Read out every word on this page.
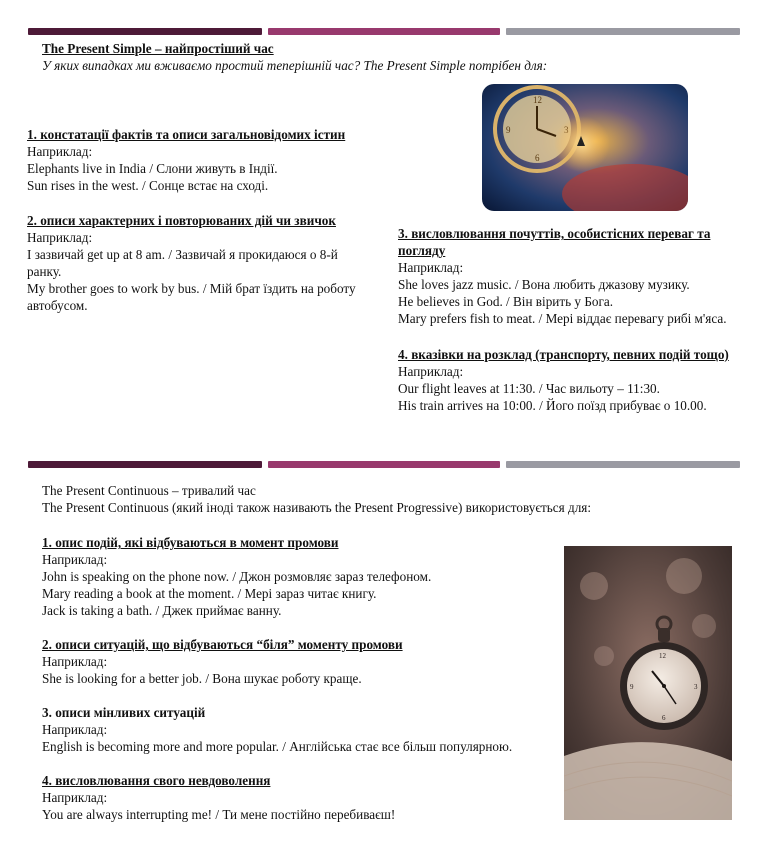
The Present Simple – найпростіший час
У яких випадках ми вживаємо простий теперішній час? The Present Simple потрібен для:
12
6
9
1. констатації фактів та описи загальновідомих істин
Наприклад:
Elephants live in India / Слони живуть в Індії.
Sun rises in the west. / Сонце встає на сході.
2. описи характерних і повторюваних дій чи звичок
Наприклад:
I зазвичай get up at 8 am. / Зазвичай я прокидаюся о 8-й
ранку.
My brother goes to work by bus. / Мій брат їздить на роботу
автобусом.
3. висловлювання почуттів, особистісних переваг та
погляду
Наприклад:
She loves jazz music. / Вона любить джазову музику.
He believes in God. / Він вірить у Бога.
Mary prefers fish to meat. / Мері віддає перевагу рибі м'яса.
4. вказівки на розклад (транспорту, певних подій тощо)
Наприклад:
Our flight leaves at 11:30. / Час вильоту – 11:30.
His train arrives на 10:00. / Його поїзд прибуває о 10.00.
The Present Continuous – тривалий час
The Present Continuous (який іноді також називають the Present Progressive) використовується для:
1. опис подій, які відбуваються в момент промови
Наприклад:
John is speaking on the phone now. / Джон розмовляє зараз телефоном.
Mary reading a book at the moment. / Мері зараз читає книгу.
Jack is taking a bath. / Джек приймає ванну.
2. описи ситуацій, що відбуваються “біля” моменту промови
Наприклад:
She is looking for a better job. / Вона шукає роботу краще.
3. описи мінливих ситуацій
Наприклад:
English is becoming more and more popular. / Англійська стає все більш популярною.
4. висловлювання свого невдоволення
Наприклад:
You are always interrupting me! / Ти мене постійно перебиваєш!
12
3
6
9
